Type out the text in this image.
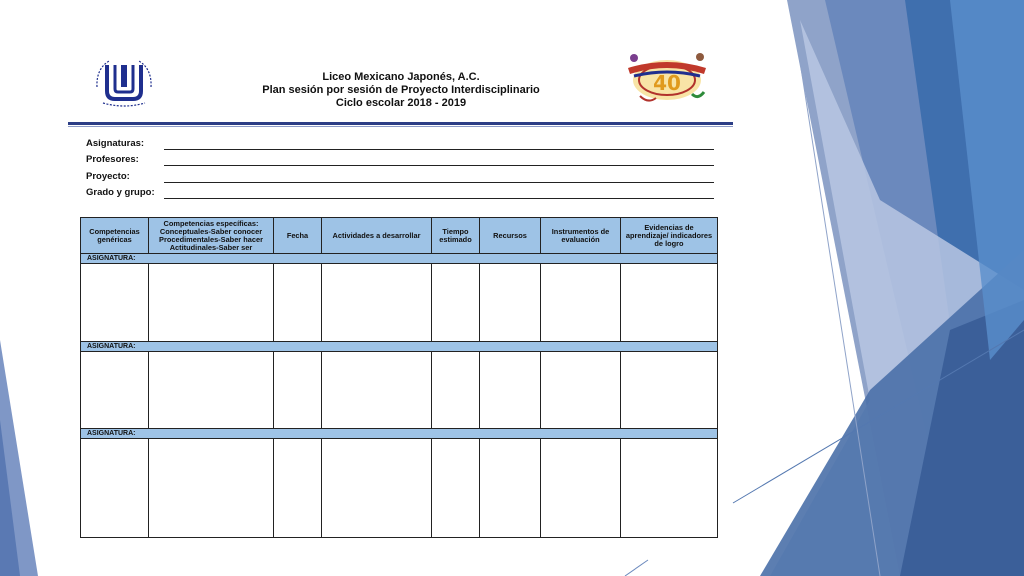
Liceo Mexicano Japonés, A.C.
Plan sesión por sesión de Proyecto Interdisciplinario
Ciclo escolar 2018 - 2019
40
Asignaturas:
Profesores:
Proyecto:
Grado y grupo:
Competencias genéricas	Competencias específicas: Conceptuales-Saber conocer Procedimentales-Saber hacer Actitudinales-Saber ser	Fecha	Actividades a desarrollar	Tiempo estimado	Recursos	Instrumentos de evaluación	Evidencias de aprendizaje/ indicadores de logro
ASIGNATURA:							

ASIGNATURA:							

ASIGNATURA:							
